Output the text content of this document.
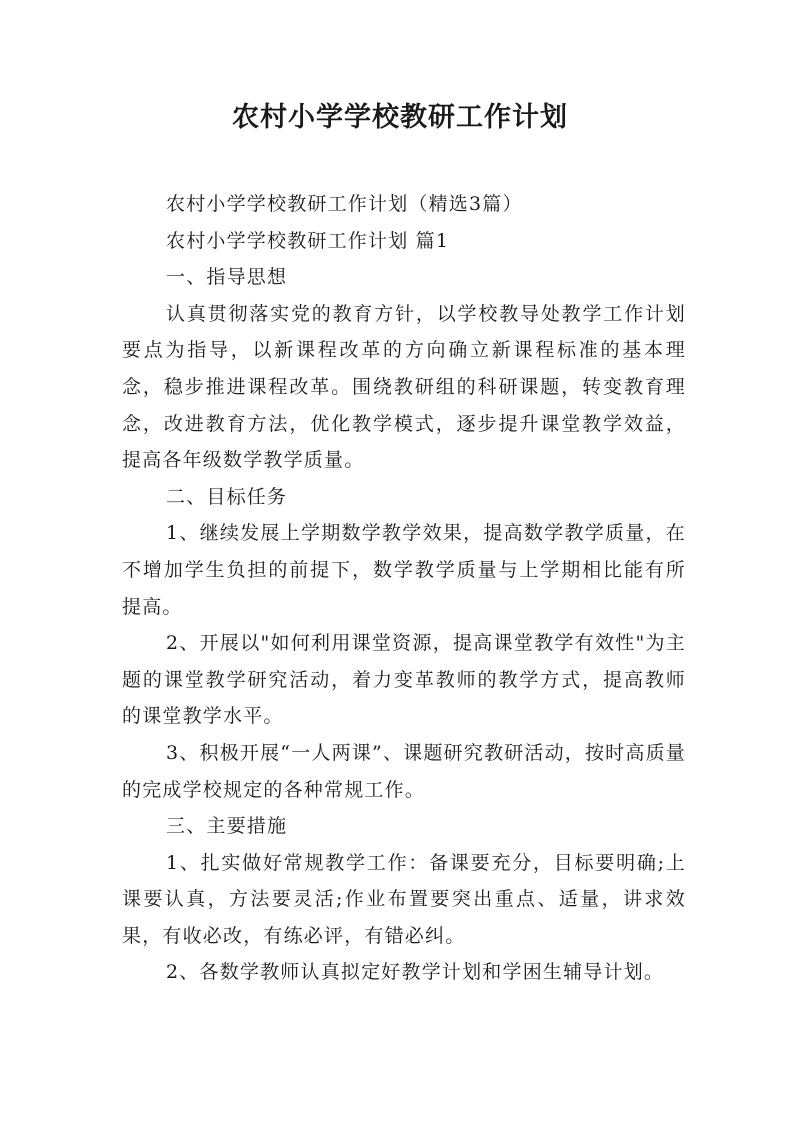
农村小学学校教研工作计划

农村小学学校教研工作计划（精选3篇）

农村小学学校教研工作计划 篇1

一、指导思想

认真贯彻落实党的教育方针，以学校教导处教学工作计划要点为指导，以新课程改革的方向确立新课程标准的基本理念，稳步推进课程改革。围绕教研组的科研课题，转变教育理念，改进教育方法，优化教学模式，逐步提升课堂教学效益，提高各年级数学教学质量。

二、目标任务

1、继续发展上学期数学教学效果，提高数学教学质量，在不增加学生负担的前提下，数学教学质量与上学期相比能有所提高。

2、开展以"如何利用课堂资源，提高课堂教学有效性"为主题的课堂教学研究活动，着力变革教师的教学方式，提高教师的课堂教学水平。

3、积极开展“一人两课”、课题研究教研活动，按时高质量的完成学校规定的各种常规工作。

三、主要措施

1、扎实做好常规教学工作：备课要充分，目标要明确;上课要认真，方法要灵活;作业布置要突出重点、适量，讲求效果，有收必改，有练必评，有错必纠。

2、各数学教师认真拟定好教学计划和学困生辅导计划。
